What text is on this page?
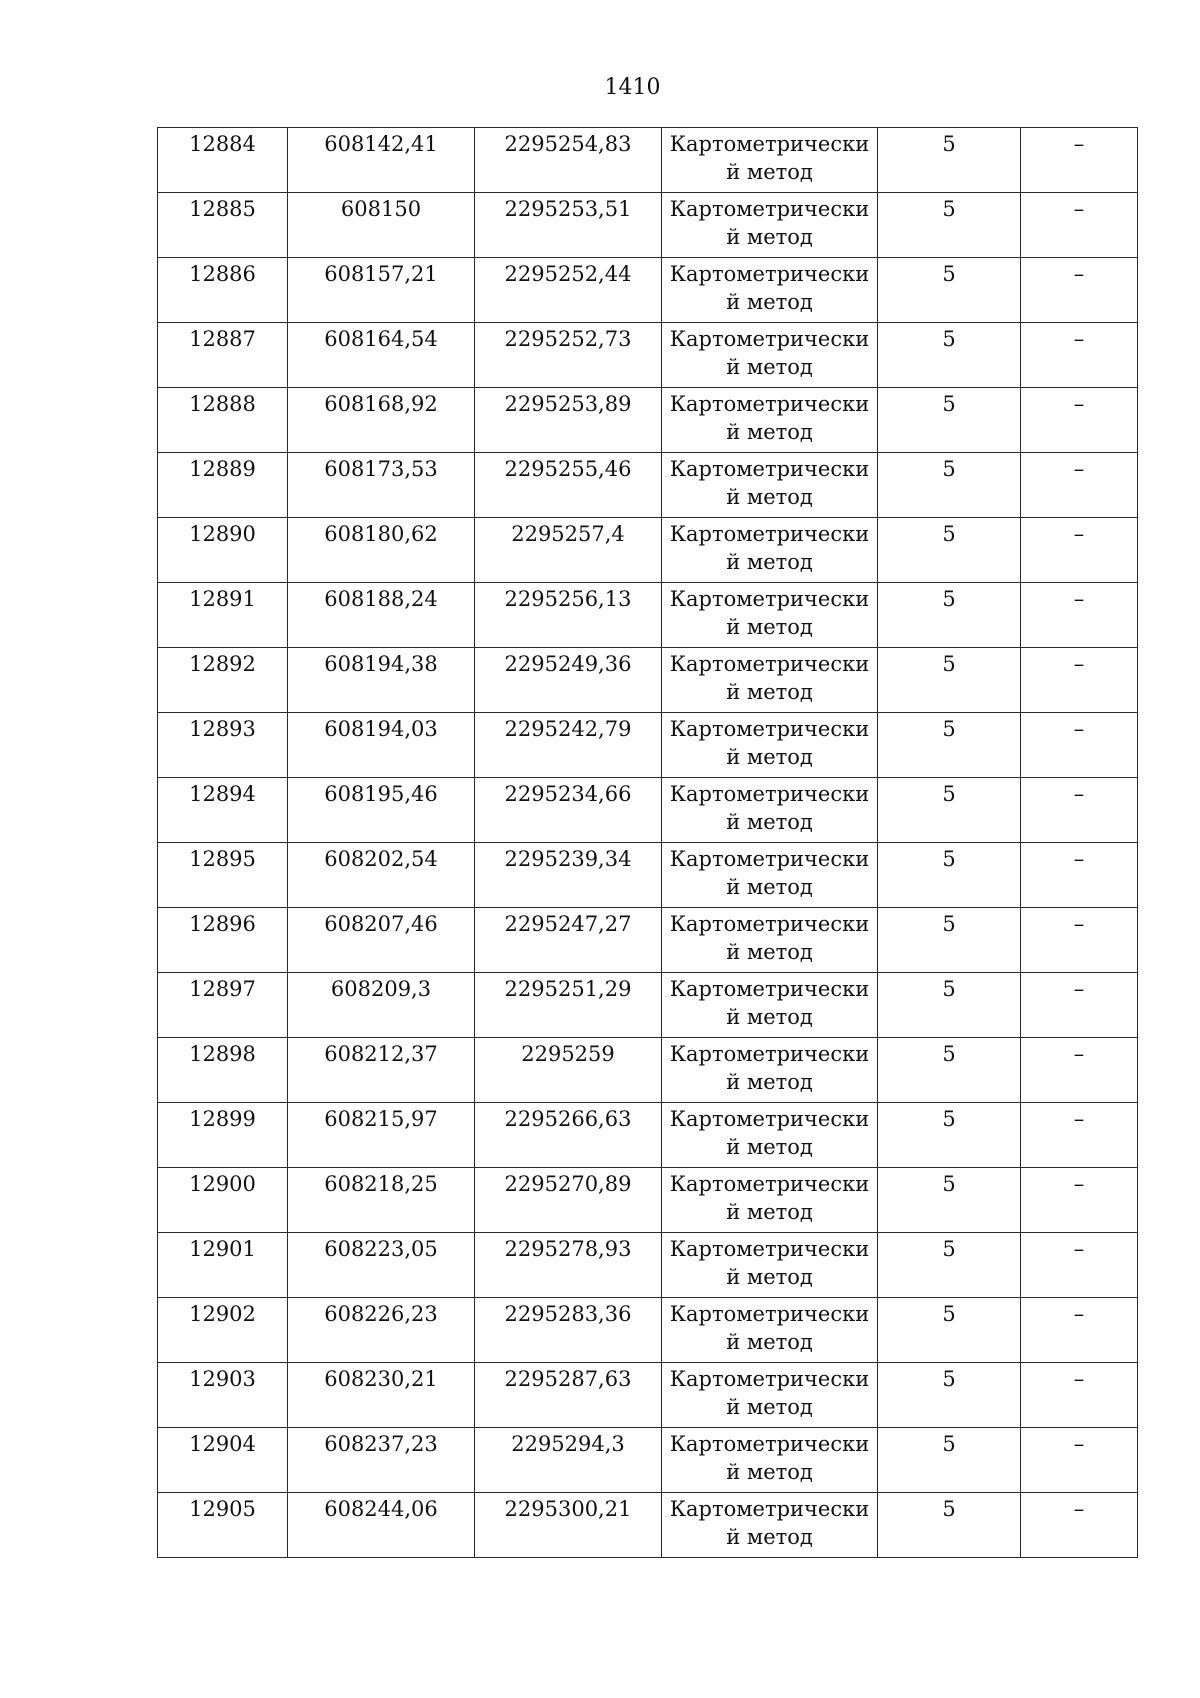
1410
12884	608142,41	2295254,83	Картометрически
й метод	5	–

12885	608150	2295253,51	Картометрически
й метод	5	–

12886	608157,21	2295252,44	Картометрически
й метод	5	–

12887	608164,54	2295252,73	Картометрически
й метод	5	–

12888	608168,92	2295253,89	Картометрически
й метод	5	–

12889	608173,53	2295255,46	Картометрически
й метод	5	–

12890	608180,62	2295257,4	Картометрически
й метод	5	–

12891	608188,24	2295256,13	Картометрически
й метод	5	–

12892	608194,38	2295249,36	Картометрически
й метод	5	–

12893	608194,03	2295242,79	Картометрически
й метод	5	–

12894	608195,46	2295234,66	Картометрически
й метод	5	–

12895	608202,54	2295239,34	Картометрически
й метод	5	–

12896	608207,46	2295247,27	Картометрически
й метод	5	–

12897	608209,3	2295251,29	Картометрически
й метод	5	–

12898	608212,37	2295259	Картометрически
й метод	5	–

12899	608215,97	2295266,63	Картометрически
й метод	5	–

12900	608218,25	2295270,89	Картометрически
й метод	5	–

12901	608223,05	2295278,93	Картометрически
й метод	5	–

12902	608226,23	2295283,36	Картометрически
й метод	5	–

12903	608230,21	2295287,63	Картометрически
й метод	5	–

12904	608237,23	2295294,3	Картометрически
й метод	5	–

12905	608244,06	2295300,21	Картометрически
й метод	5	–
